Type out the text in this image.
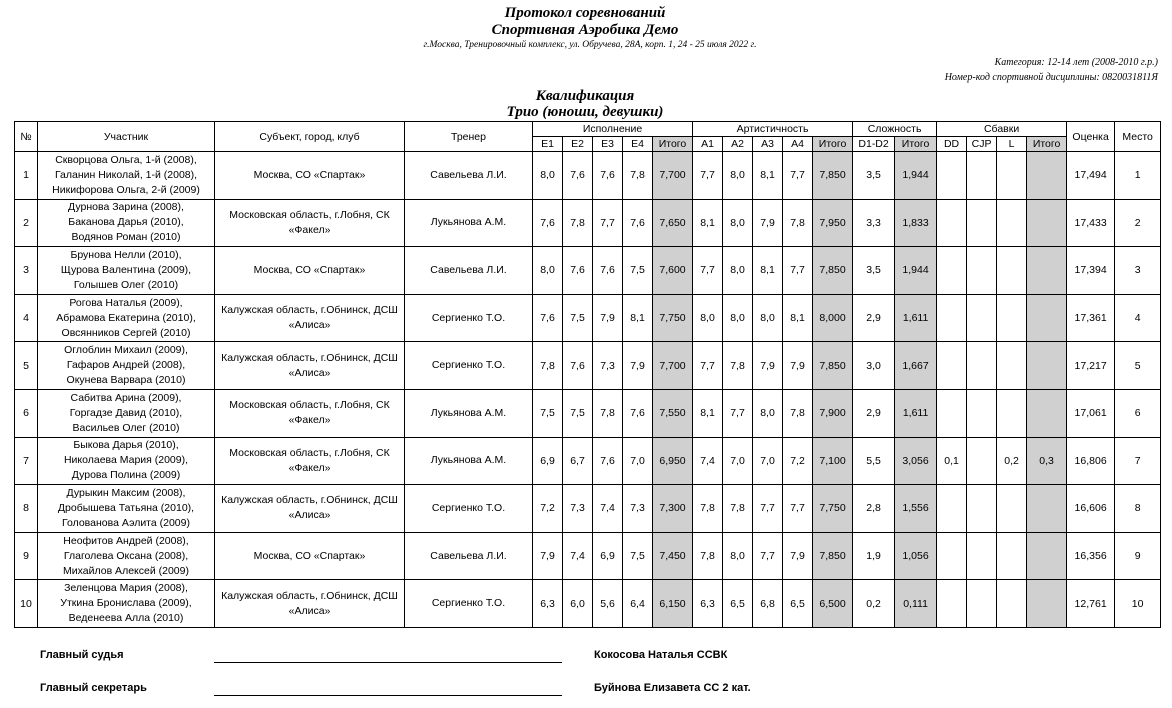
Протокол соревнований
Спортивная Аэробика Демо
г.Москва, Тренировочный комплекс, ул. Обручева, 28А, корп. 1, 24 - 25 июля 2022 г.
Категория: 12-14 лет (2008-2010 г.р.)
Номер-код спортивной дисциплины: 0820031811Я
Квалификация
Трио (юноши, девушки)
№	Участник	Субъект, город, клуб	Тренер	Исполнение					Артистичность					Сложность		Сбавки				Оценка	Место
				E1	E2	E3	E4	Итого	A1	A2	A3	A4	Итого	D1-D2	Итого	DD	CJP	L	Итого		
1	Скворцова Ольга, 1-й (2008),
Галанин Николай, 1-й (2008),
Никифорова Ольга, 2-й (2009)	Москва, СО «Спартак»	Савельева Л.И.	8,0	7,6	7,6	7,8	7,700	7,7	8,0	8,1	7,7	7,850	3,5	1,944					17,494	1
2	Дурнова Зарина (2008),
Баканова Дарья (2010),
Водянов Роман (2010)	Московская область, г.Лобня, СК «Факел»	Лукьянова А.М.	7,6	7,8	7,7	7,6	7,650	8,1	8,0	7,9	7,8	7,950	3,3	1,833					17,433	2
3	Брунова Нелли (2010),
Щурова Валентина (2009),
Голышев Олег (2010)	Москва, СО «Спартак»	Савельева Л.И.	8,0	7,6	7,6	7,5	7,600	7,7	8,0	8,1	7,7	7,850	3,5	1,944					17,394	3
4	Рогова Наталья (2009),
Абрамова Екатерина (2010),
Овсянников Сергей (2010)	Калужская область, г.Обнинск, ДСШ «Алиса»	Сергиенко Т.О.	7,6	7,5	7,9	8,1	7,750	8,0	8,0	8,0	8,1	8,000	2,9	1,611					17,361	4
5	Оглоблин Михаил (2009),
Гафаров Андрей (2008),
Окунева Варвара (2010)	Калужская область, г.Обнинск, ДСШ «Алиса»	Сергиенко Т.О.	7,8	7,6	7,3	7,9	7,700	7,7	7,8	7,9	7,9	7,850	3,0	1,667					17,217	5
6	Сабитва Арина (2009),
Горгадзе Давид (2010),
Васильев Олег (2010)	Московская область, г.Лобня, СК «Факел»	Лукьянова А.М.	7,5	7,5	7,8	7,6	7,550	8,1	7,7	8,0	7,8	7,900	2,9	1,611					17,061	6
7	Быкова Дарья (2010),
Николаева Мария (2009),
Дурова Полина (2009)	Московская область, г.Лобня, СК «Факел»	Лукьянова А.М.	6,9	6,7	7,6	7,0	6,950	7,4	7,0	7,0	7,2	7,100	5,5	3,056	0,1		0,2	0,3	16,806	7
8	Дурыкин Максим (2008),
Дробышева Татьяна (2010),
Голованова Аэлита (2009)	Калужская область, г.Обнинск, ДСШ «Алиса»	Сергиенко Т.О.	7,2	7,3	7,4	7,3	7,300	7,8	7,8	7,7	7,7	7,750	2,8	1,556					16,606	8
9	Неофитов Андрей (2008),
Глаголева Оксана (2008),
Михайлов Алексей (2009)	Москва, СО «Спартак»	Савельева Л.И.	7,9	7,4	6,9	7,5	7,450	7,8	8,0	7,7	7,9	7,850	1,9	1,056					16,356	9
10	Зеленцова Мария (2008),
Уткина Бронислава (2009),
Веденеева Алла (2010)	Калужская область, г.Обнинск, ДСШ «Алиса»	Сергиенко Т.О.	6,3	6,0	5,6	6,4	6,150	6,3	6,5	6,8	6,5	6,500	0,2	0,111					12,761	10
Главный судья	Кокосова Наталья ССВК
Главный секретарь	Буйнова Елизавета СС 2 кат.
